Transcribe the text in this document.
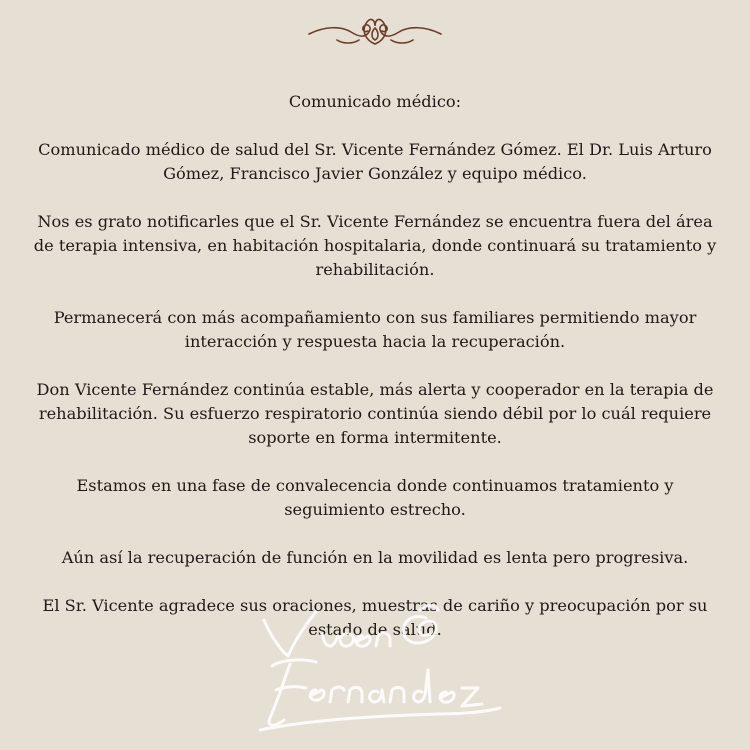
Comunicado médico:

Comunicado médico de salud del Sr. Vicente Fernández Gómez. El Dr. Luis Arturo Gómez, Francisco Javier González y equipo médico.

Nos es grato notificarles que el Sr. Vicente Fernández se encuentra fuera del área de terapia intensiva, en habitación hospitalaria, donde continuará su tratamiento y rehabilitación.

Permanecerá con más acompañamiento con sus familiares permitiendo mayor interacción y respuesta hacia la recuperación.

Don Vicente Fernández continúa estable, más alerta y cooperador en la terapia de rehabilitación. Su esfuerzo respiratorio continúa siendo débil por lo cuál requiere soporte en forma intermitente.

Estamos en una fase de convalecencia donde continuamos tratamiento y seguimiento estrecho.

Aún así la recuperación de función en la movilidad es lenta pero progresiva.

El Sr. Vicente agradece sus oraciones, muestras de cariño y preocupación por su estado de salud.
